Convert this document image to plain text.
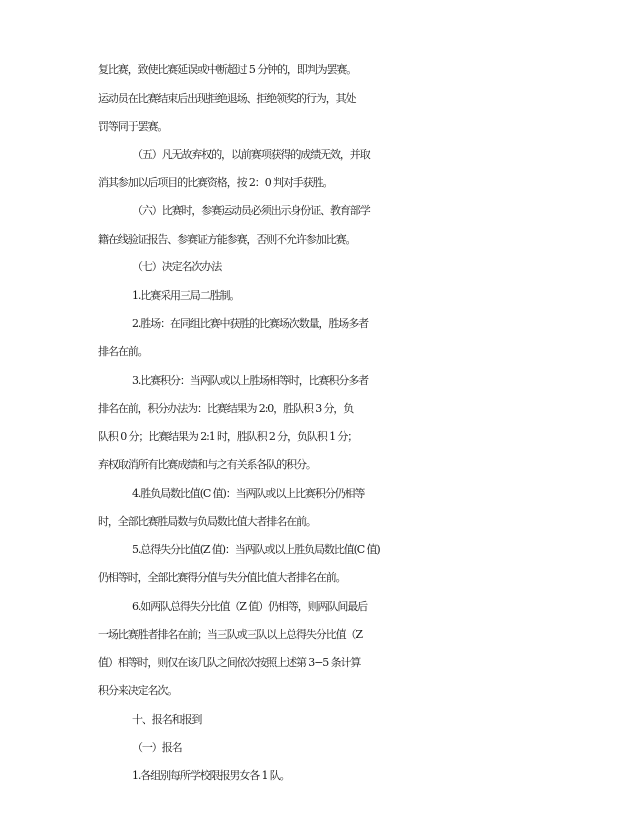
复比赛，致使比赛延误或中断超过 5 分钟的，即判为罢赛。
运动员在比赛结束后出现拒绝退场、拒绝领奖的行为，其处
罚等同于罢赛。
（五）凡无故弃权的，以前赛项获得的成绩无效，并取
消其参加以后项目的比赛资格，按 2：0 判对手获胜。
（六）比赛时，参赛运动员必须出示身份证、教育部学
籍在线验证报告、参赛证方能参赛，否则不允许参加比赛。
（七）决定名次办法
1.比赛采用三局二胜制。
2.胜场：在同组比赛中获胜的比赛场次数量，胜场多者
排名在前。
3.比赛积分：当两队或以上胜场相等时，比赛积分多者
排名在前，积分办法为：比赛结果为 2:0，胜队积 3 分，负
队积 0 分；比赛结果为 2:1 时，胜队积 2 分，负队积 1 分；
弃权取消所有比赛成绩和与之有关系各队的积分。
4.胜负局数比值(C 值)：当两队或以上比赛积分仍相等
时，全部比赛胜局数与负局数比值大者排名在前。
5.总得失分比值(Z 值)：当两队或以上胜负局数比值(C 值)
仍相等时，全部比赛得分值与失分值比值大者排名在前。
6.如两队总得失分比值（Z 值）仍相等，则两队间最后
一场比赛胜者排名在前；当三队或三队以上总得失分比值（Z
值）相等时，则仅在该几队之间依次按照上述第 3−5 条计算
积分来决定名次。
十、报名和报到
（一）报名
1.各组别每所学校限报男女各 1 队。
